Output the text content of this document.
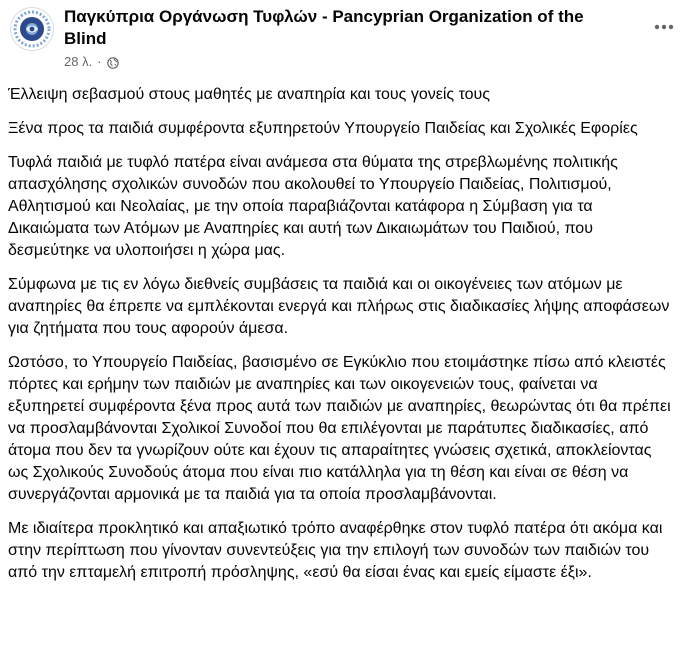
Παγκύπρια Οργάνωση Τυφλών - Pancyprian Organization of the Blind
28 λ. ·

Έλλειψη σεβασμού στους μαθητές με αναπηρία και τους γονείς τους

Ξένα προς τα παιδιά συμφέροντα εξυπηρετούν Υπουργείο Παιδείας και Σχολικές Εφορίες

Τυφλά παιδιά με τυφλό πατέρα είναι ανάμεσα στα θύματα της στρεβλωμένης πολιτικής απασχόλησης σχολικών συνοδών που ακολουθεί το Υπουργείο Παιδείας, Πολιτισμού, Αθλητισμού και Νεολαίας, με την οποία παραβιάζονται κατάφορα η Σύμβαση για τα Δικαιώματα των Ατόμων με Αναπηρίες και αυτή των Δικαιωμάτων του Παιδιού, που δεσμεύτηκε να υλοποιήσει η χώρα μας.

Σύμφωνα με τις εν λόγω διεθνείς συμβάσεις τα παιδιά και οι οικογένειες των ατόμων με αναπηρίες θα έπρεπε να εμπλέκονται ενεργά και πλήρως στις διαδικασίες λήψης αποφάσεων για ζητήματα που τους αφορούν άμεσα.

Ωστόσο, το Υπουργείο Παιδείας, βασισμένο σε Εγκύκλιο που ετοιμάστηκε πίσω από κλειστές πόρτες και ερήμην των παιδιών με αναπηρίες και των οικογενειών τους, φαίνεται να εξυπηρετεί συμφέροντα ξένα προς αυτά των παιδιών με αναπηρίες, θεωρώντας ότι θα πρέπει να προσλαμβάνονται Σχολικοί Συνοδοί που θα επιλέγονται με παράτυπες διαδικασίες, από άτομα που δεν τα γνωρίζουν ούτε και έχουν τις απαραίτητες γνώσεις σχετικά, αποκλείοντας ως Σχολικούς Συνοδούς άτομα που είναι πιο κατάλληλα για τη θέση και είναι σε θέση να συνεργάζονται αρμονικά με τα παιδιά για τα οποία προσλαμβάνονται.

Με ιδιαίτερα προκλητικό και απαξιωτικό τρόπο αναφέρθηκε στον τυφλό πατέρα ότι ακόμα και στην περίπτωση που γίνονταν συνεντεύξεις για την επιλογή των συνοδών των παιδιών του από την επταμελή επιτροπή πρόσληψης, «εσύ θα είσαι ένας και εμείς είμαστε έξι».
